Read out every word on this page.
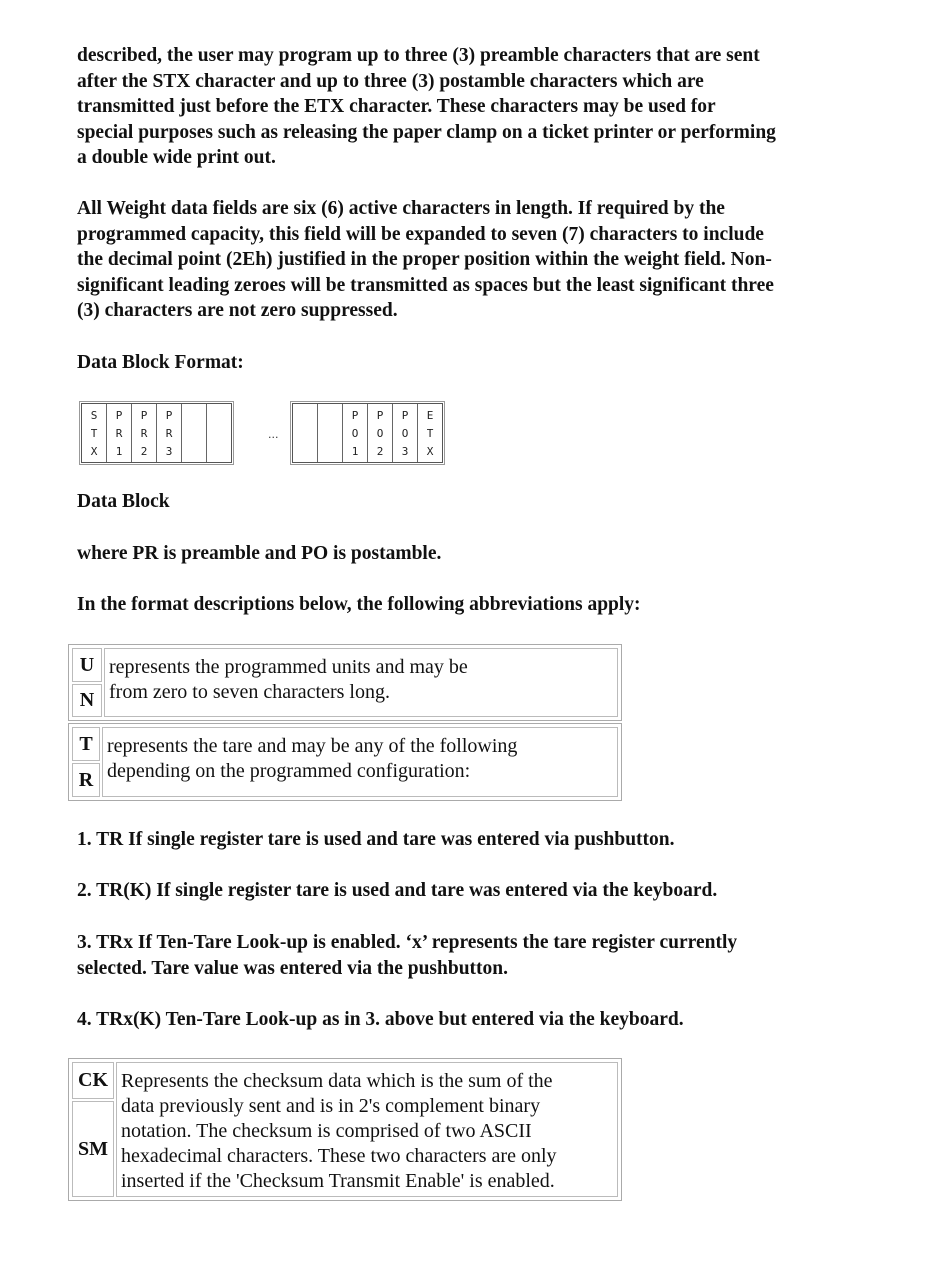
described, the user may program up to three (3) preamble characters that are sent
after the STX character and up to three (3) postamble characters which are
transmitted just before the ETX character. These characters may be used for
special purposes such as releasing the paper clamp on a ticket printer or performing
a double wide print out.

All Weight data fields are six (6) active characters in length. If required by the
programmed capacity, this field will be expanded to seven (7) characters to include
the decimal point (2Eh) justified in the proper position within the weight field. Non-
significant leading zeroes will be transmitted as spaces but the least significant three
(3) characters are not zero suppressed.

Data Block Format:

S
T
X
P
R
1
P
R
2
P
R
3

...

P
O
1
P
O
2
P
O
3
E
T
X

Data Block

where PR is preamble and PO is postamble.

In the format descriptions below, the following abbreviations apply:

U
N
represents the programmed units and may be
from zero to seven characters long.
T
R
represents the tare and may be any of the following
depending on the programmed configuration:

1. TR If single register tare is used and tare was entered via pushbutton.

2. TR(K) If single register tare is used and tare was entered via the keyboard.

3. TRx If Ten-Tare Look-up is enabled. ‘x’ represents the tare register currently
selected. Tare value was entered via the pushbutton.

4. TRx(K) Ten-Tare Look-up as in 3. above but entered via the keyboard.

CK
SM
Represents the checksum data which is the sum of the
data previously sent and is in 2's complement binary
notation. The checksum is comprised of two ASCII
hexadecimal characters. These two characters are only
inserted if the 'Checksum Transmit Enable' is enabled.
